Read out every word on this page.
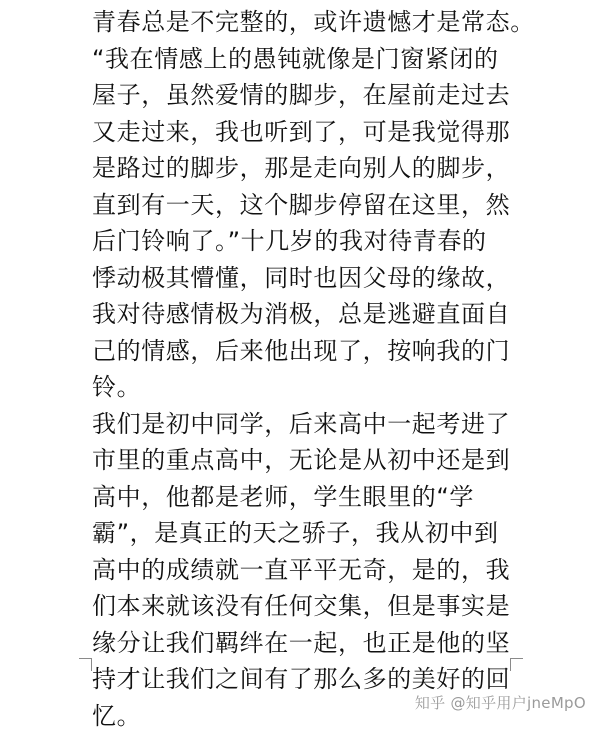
青春总是不完整的，或许遗憾才是常态。
“我在情感上的愚钝就像是门窗紧闭的
屋子，虽然爱情的脚步，在屋前走过去
又走过来，我也听到了，可是我觉得那
是路过的脚步，那是走向别人的脚步，
直到有一天，这个脚步停留在这里，然
后门铃响了。”十几岁的我对待青春的
悸动极其懵懂，同时也因父母的缘故，
我对待感情极为消极，总是逃避直面自
己的情感，后来他出现了，按响我的门
铃。
我们是初中同学，后来高中一起考进了
市里的重点高中，无论是从初中还是到
高中，他都是老师，学生眼里的“学
霸”，是真正的天之骄子，我从初中到
高中的成绩就一直平平无奇，是的，我
们本来就该没有任何交集，但是事实是
缘分让我们羁绊在一起，也正是他的坚
持才让我们之间有了那么多的美好的回
忆。	知乎 @知乎用户jneMpO
